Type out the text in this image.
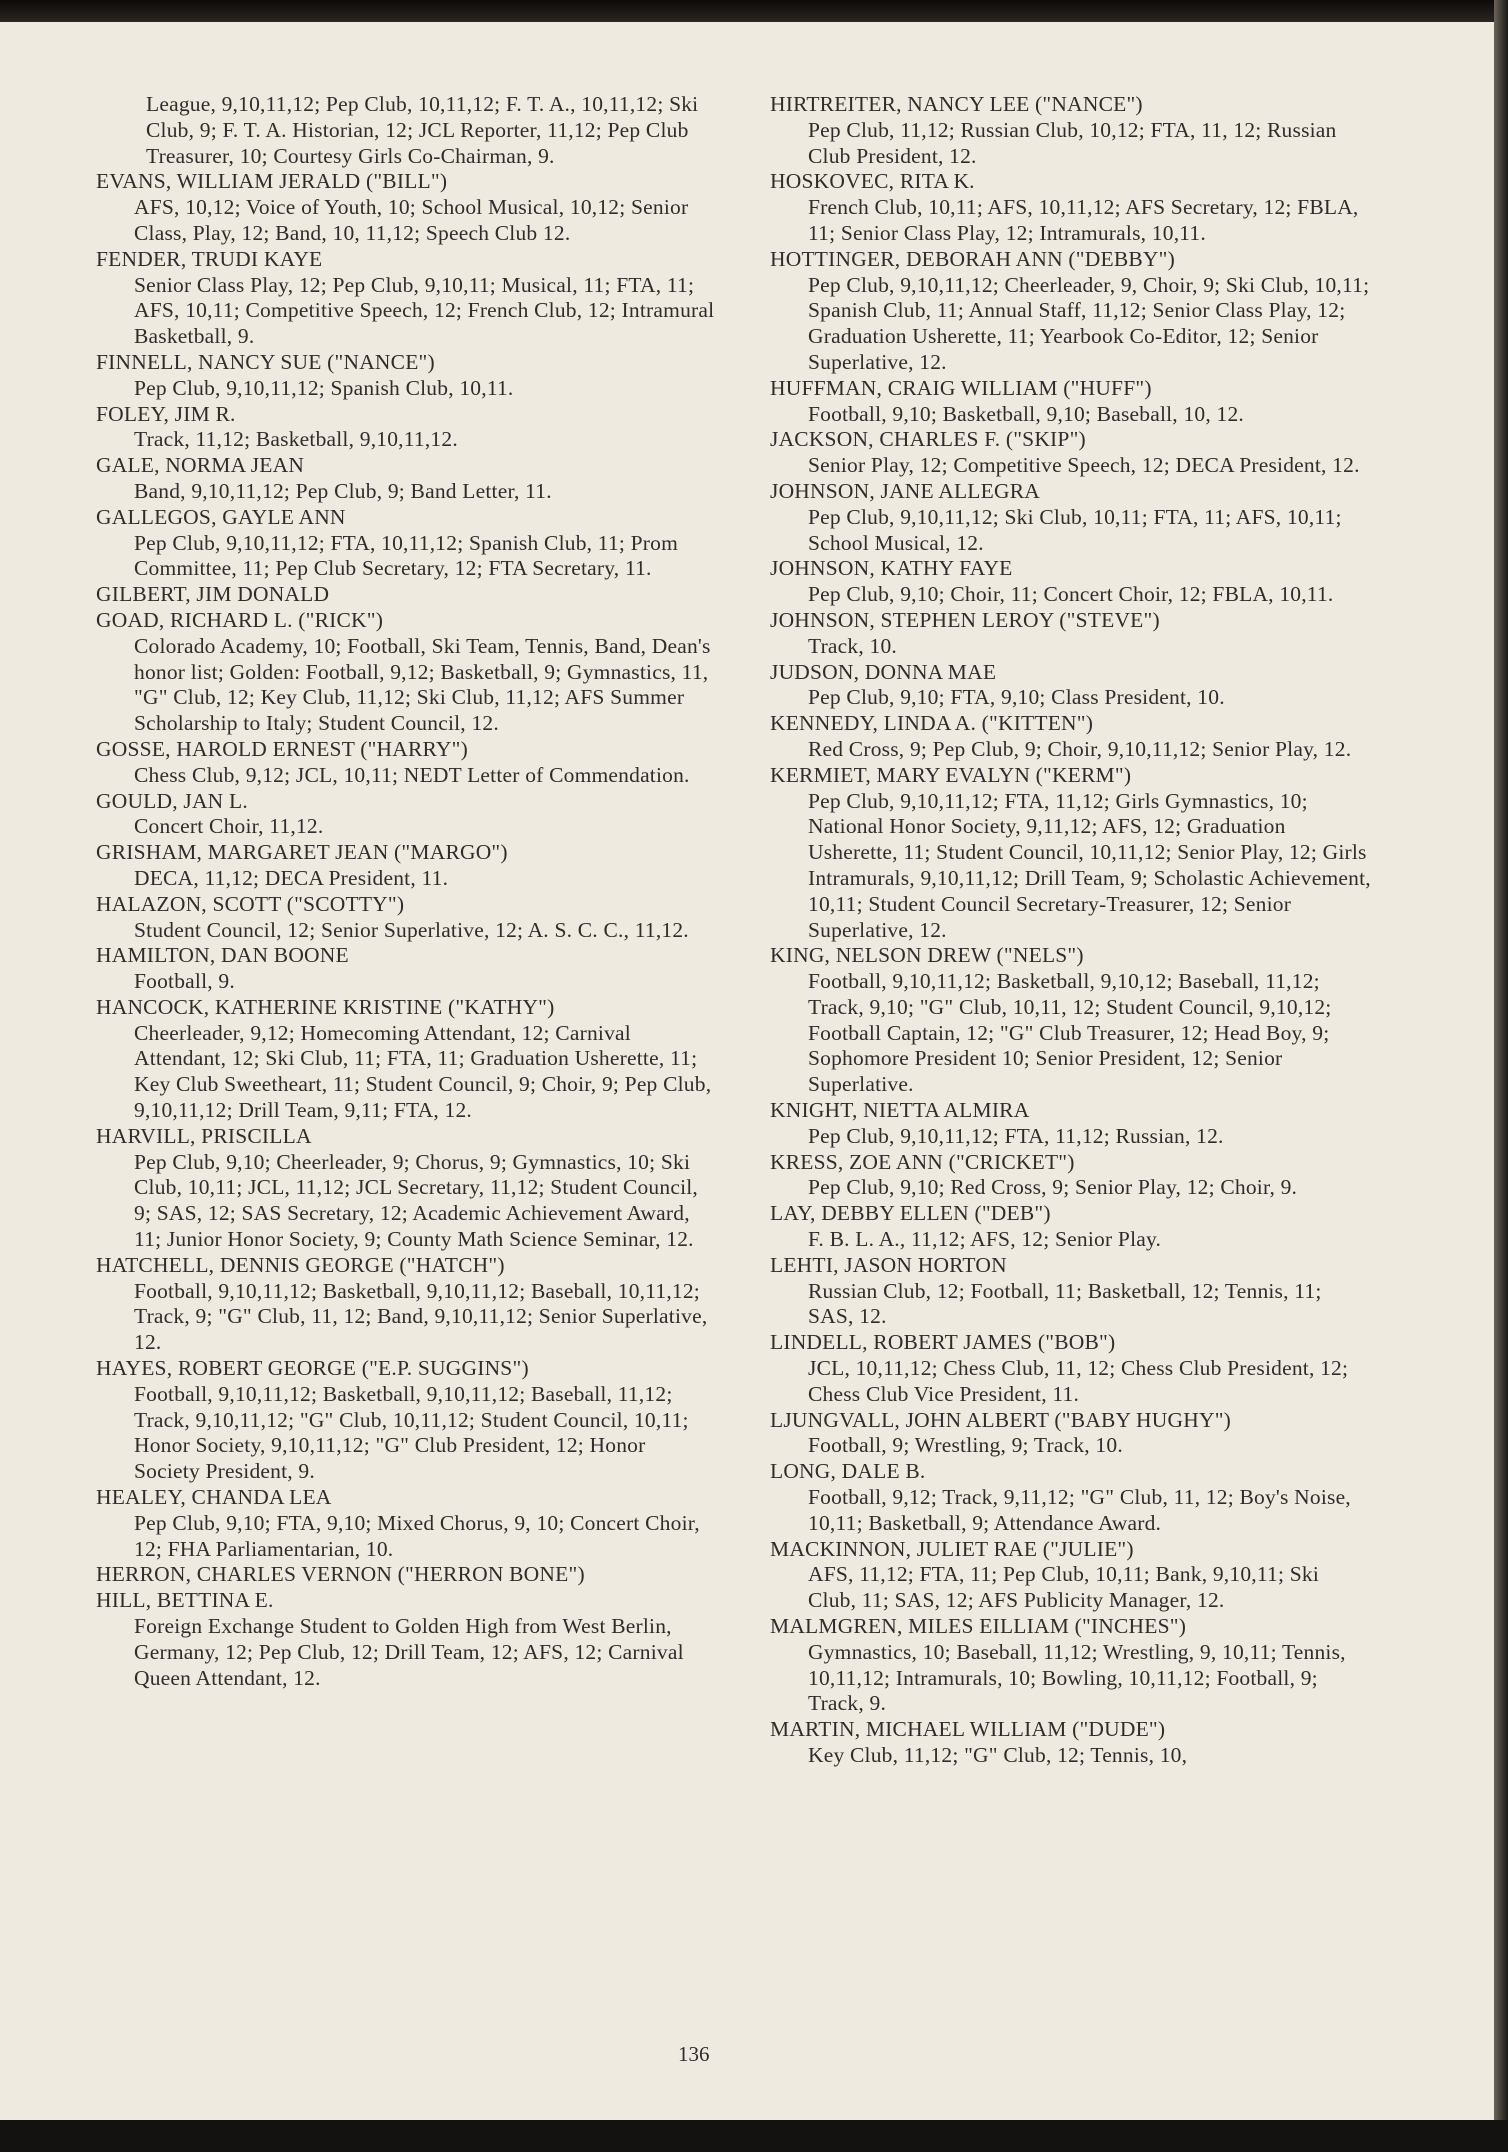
League, 9,10,11,12; Pep Club, 10,11,12; F. T. A., 10,11,12; Ski Club, 9; F. T. A. Historian, 12; JCL Reporter, 11,12; Pep Club Treasurer, 10; Courtesy Girls Co-Chairman, 9.

EVANS, WILLIAM JERALD ("BILL")

AFS, 10,12; Voice of Youth, 10; School Musical, 10,12; Senior Class, Play, 12; Band, 10, 11,12; Speech Club 12.

FENDER, TRUDI KAYE

Senior Class Play, 12; Pep Club, 9,10,11; Musical, 11; FTA, 11; AFS, 10,11; Competitive Speech, 12; French Club, 12; Intramural Basketball, 9.

FINNELL, NANCY SUE ("NANCE")

Pep Club, 9,10,11,12; Spanish Club, 10,11.

FOLEY, JIM R.

Track, 11,12; Basketball, 9,10,11,12.

GALE, NORMA JEAN

Band, 9,10,11,12; Pep Club, 9; Band Letter, 11.

GALLEGOS, GAYLE ANN

Pep Club, 9,10,11,12; FTA, 10,11,12; Spanish Club, 11; Prom Committee, 11; Pep Club Secretary, 12; FTA Secretary, 11.

GILBERT, JIM DONALD

GOAD, RICHARD L. ("RICK")

Colorado Academy, 10; Football, Ski Team, Tennis, Band, Dean's honor list; Golden: Football, 9,12; Basketball, 9; Gymnastics, 11, "G" Club, 12; Key Club, 11,12; Ski Club, 11,12; AFS Summer Scholarship to Italy; Student Council, 12.

GOSSE, HAROLD ERNEST ("HARRY")

Chess Club, 9,12; JCL, 10,11; NEDT Letter of Commendation.

GOULD, JAN L.

Concert Choir, 11,12.

GRISHAM, MARGARET JEAN ("MARGO")

DECA, 11,12; DECA President, 11.

HALAZON, SCOTT ("SCOTTY")

Student Council, 12; Senior Superlative, 12; A. S. C. C., 11,12.

HAMILTON, DAN BOONE

Football, 9.

HANCOCK, KATHERINE KRISTINE ("KATHY")

Cheerleader, 9,12; Homecoming Attendant, 12; Carnival Attendant, 12; Ski Club, 11; FTA, 11; Graduation Usherette, 11; Key Club Sweetheart, 11; Student Council, 9; Choir, 9; Pep Club, 9,10,11,12; Drill Team, 9,11; FTA, 12.

HARVILL, PRISCILLA

Pep Club, 9,10; Cheerleader, 9; Chorus, 9; Gymnastics, 10; Ski Club, 10,11; JCL, 11,12; JCL Secretary, 11,12; Student Council, 9; SAS, 12; SAS Secretary, 12; Academic Achievement Award, 11; Junior Honor Society, 9; County Math Science Seminar, 12.

HATCHELL, DENNIS GEORGE ("HATCH")

Football, 9,10,11,12; Basketball, 9,10,11,12; Baseball, 10,11,12; Track, 9; "G" Club, 11, 12; Band, 9,10,11,12; Senior Superlative, 12.

HAYES, ROBERT GEORGE ("E.P. SUGGINS")

Football, 9,10,11,12; Basketball, 9,10,11,12; Baseball, 11,12; Track, 9,10,11,12; "G" Club, 10,11,12; Student Council, 10,11; Honor Society, 9,10,11,12; "G" Club President, 12; Honor Society President, 9.

HEALEY, CHANDA LEA

Pep Club, 9,10; FTA, 9,10; Mixed Chorus, 9, 10; Concert Choir, 12; FHA Parliamentarian, 10.

HERRON, CHARLES VERNON ("HERRON BONE")

HILL, BETTINA E.

Foreign Exchange Student to Golden High from West Berlin, Germany, 12; Pep Club, 12; Drill Team, 12; AFS, 12; Carnival Queen Attendant, 12.

HIRTREITER, NANCY LEE ("NANCE")

Pep Club, 11,12; Russian Club, 10,12; FTA, 11, 12; Russian Club President, 12.

HOSKOVEC, RITA K.

French Club, 10,11; AFS, 10,11,12; AFS Secretary, 12; FBLA, 11; Senior Class Play, 12; Intramurals, 10,11.

HOTTINGER, DEBORAH ANN ("DEBBY")

Pep Club, 9,10,11,12; Cheerleader, 9, Choir, 9; Ski Club, 10,11; Spanish Club, 11; Annual Staff, 11,12; Senior Class Play, 12; Graduation Usherette, 11; Yearbook Co-Editor, 12; Senior Superlative, 12.

HUFFMAN, CRAIG WILLIAM ("HUFF")

Football, 9,10; Basketball, 9,10; Baseball, 10, 12.

JACKSON, CHARLES F. ("SKIP")

Senior Play, 12; Competitive Speech, 12; DECA President, 12.

JOHNSON, JANE ALLEGRA

Pep Club, 9,10,11,12; Ski Club, 10,11; FTA, 11; AFS, 10,11; School Musical, 12.

JOHNSON, KATHY FAYE

Pep Club, 9,10; Choir, 11; Concert Choir, 12; FBLA, 10,11.

JOHNSON, STEPHEN LEROY ("STEVE")

Track, 10.

JUDSON, DONNA MAE

Pep Club, 9,10; FTA, 9,10; Class President, 10.

KENNEDY, LINDA A. ("KITTEN")

Red Cross, 9; Pep Club, 9; Choir, 9,10,11,12; Senior Play, 12.

KERMIET, MARY EVALYN ("KERM")

Pep Club, 9,10,11,12; FTA, 11,12; Girls Gymnastics, 10; National Honor Society, 9,11,12; AFS, 12; Graduation Usherette, 11; Student Council, 10,11,12; Senior Play, 12; Girls Intramurals, 9,10,11,12; Drill Team, 9; Scholastic Achievement, 10,11; Student Council Secretary-Treasurer, 12; Senior Superlative, 12.

KING, NELSON DREW ("NELS")

Football, 9,10,11,12; Basketball, 9,10,12; Baseball, 11,12; Track, 9,10; "G" Club, 10,11, 12; Student Council, 9,10,12; Football Captain, 12; "G" Club Treasurer, 12; Head Boy, 9; Sophomore President 10; Senior President, 12; Senior Superlative.

KNIGHT, NIETTA ALMIRA

Pep Club, 9,10,11,12; FTA, 11,12; Russian, 12.

KRESS, ZOE ANN ("CRICKET")

Pep Club, 9,10; Red Cross, 9; Senior Play, 12; Choir, 9.

LAY, DEBBY ELLEN ("DEB")

F. B. L. A., 11,12; AFS, 12; Senior Play.

LEHTI, JASON HORTON

Russian Club, 12; Football, 11; Basketball, 12; Tennis, 11; SAS, 12.

LINDELL, ROBERT JAMES ("BOB")

JCL, 10,11,12; Chess Club, 11, 12; Chess Club President, 12; Chess Club Vice President, 11.

LJUNGVALL, JOHN ALBERT ("BABY HUGHY")

Football, 9; Wrestling, 9; Track, 10.

LONG, DALE B.

Football, 9,12; Track, 9,11,12; "G" Club, 11, 12; Boy's Noise, 10,11; Basketball, 9; Attendance Award.

MACKINNON, JULIET RAE ("JULIE")

AFS, 11,12; FTA, 11; Pep Club, 10,11; Bank, 9,10,11; Ski Club, 11; SAS, 12; AFS Publicity Manager, 12.

MALMGREN, MILES EILLIAM ("INCHES")

Gymnastics, 10; Baseball, 11,12; Wrestling, 9, 10,11; Tennis, 10,11,12; Intramurals, 10; Bowling, 10,11,12; Football, 9; Track, 9.

MARTIN, MICHAEL WILLIAM ("DUDE")

Key Club, 11,12; "G" Club, 12; Tennis, 10,

136
